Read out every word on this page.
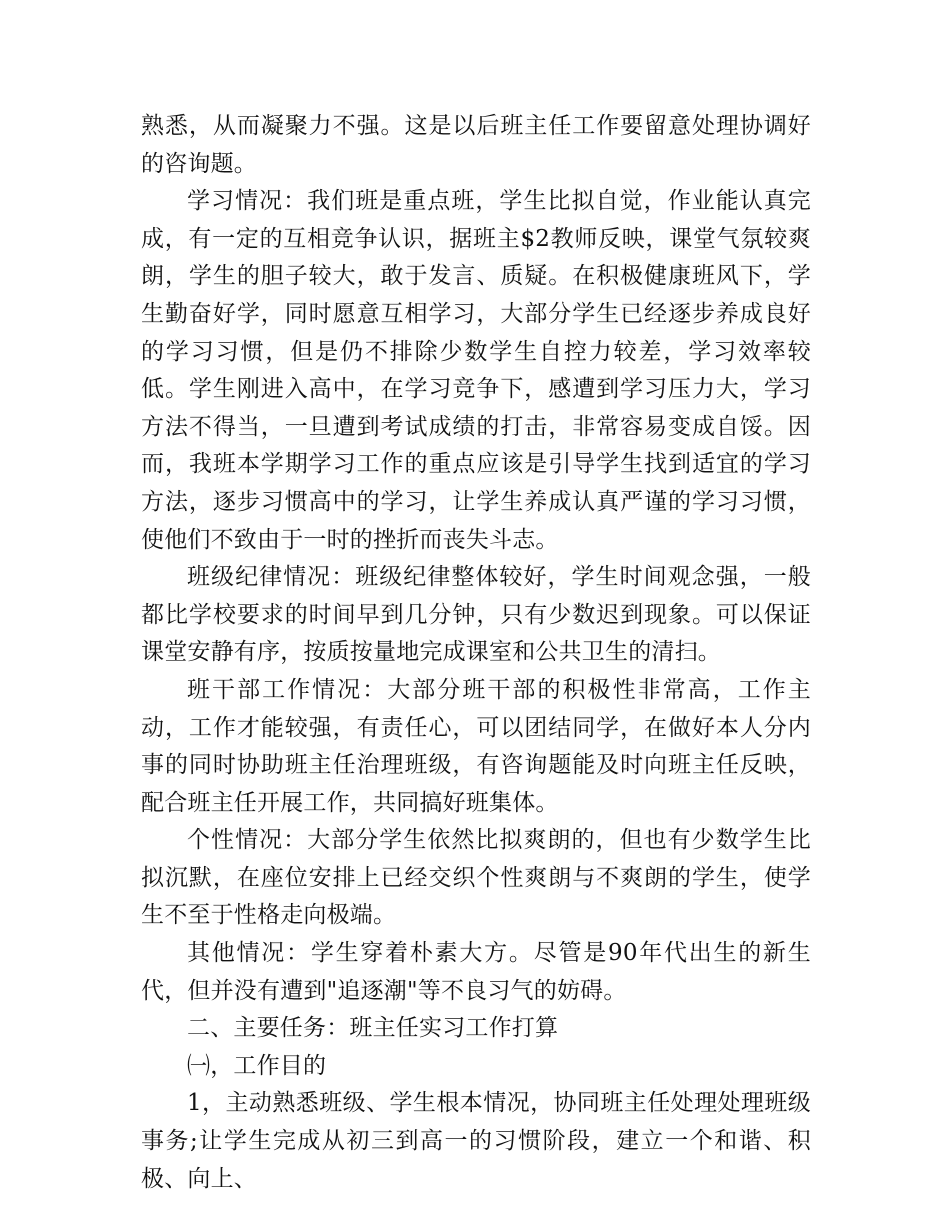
熟悉，从而凝聚力不强。这是以后班主任工作要留意处理协调好的咨询题。

学习情况：我们班是重点班，学生比拟自觉，作业能认真完成，有一定的互相竞争认识，据班主$2教师反映，课堂气氛较爽朗，学生的胆子较大，敢于发言、质疑。在积极健康班风下，学生勤奋好学，同时愿意互相学习，大部分学生已经逐步养成良好的学习习惯，但是仍不排除少数学生自控力较差，学习效率较低。学生刚进入高中，在学习竞争下，感遭到学习压力大，学习方法不得当，一旦遭到考试成绩的打击，非常容易变成自馁。因而，我班本学期学习工作的重点应该是引导学生找到适宜的学习方法，逐步习惯高中的学习，让学生养成认真严谨的学习习惯，使他们不致由于一时的挫折而丧失斗志。

班级纪律情况：班级纪律整体较好，学生时间观念强，一般都比学校要求的时间早到几分钟，只有少数迟到现象。可以保证课堂安静有序，按质按量地完成课室和公共卫生的清扫。

班干部工作情况：大部分班干部的积极性非常高，工作主动，工作才能较强，有责任心，可以团结同学，在做好本人分内事的同时协助班主任治理班级，有咨询题能及时向班主任反映，配合班主任开展工作，共同搞好班集体。

个性情况：大部分学生依然比拟爽朗的，但也有少数学生比拟沉默，在座位安排上已经交织个性爽朗与不爽朗的学生，使学生不至于性格走向极端。

其他情况：学生穿着朴素大方。尽管是90年代出生的新生代，但并没有遭到"追逐潮"等不良习气的妨碍。

二、主要任务：班主任实习工作打算

㈠，工作目的

1，主动熟悉班级、学生根本情况，协同班主任处理处理班级事务;让学生完成从初三到高一的习惯阶段，建立一个和谐、积极、向上、
